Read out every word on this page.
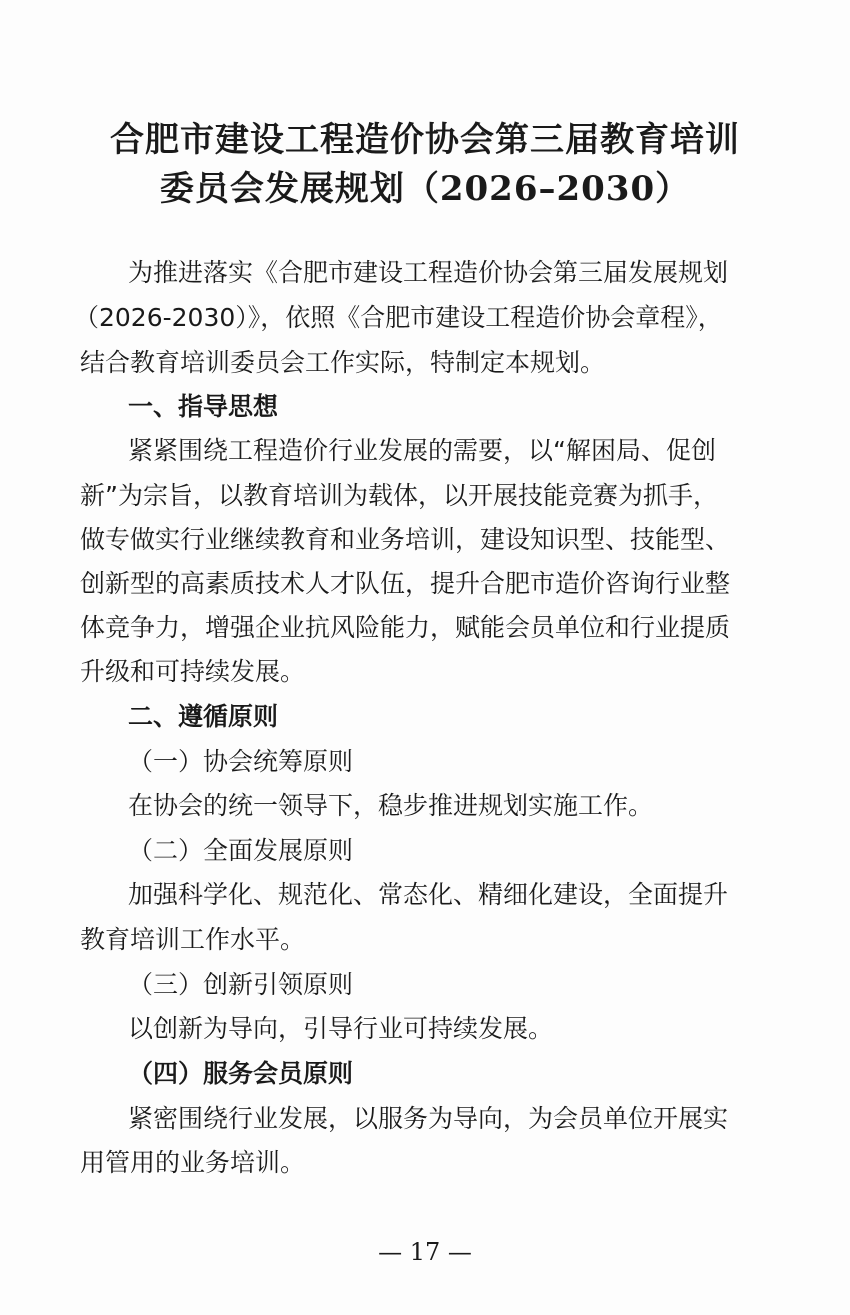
合肥市建设工程造价协会第三届教育培训
委员会发展规划（2026–2030）

为推进落实《合肥市建设工程造价协会第三届发展规划

（2026-2030）》，依照《合肥市建设工程造价协会章程》，

结合教育培训委员会工作实际，特制定本规划。

一、指导思想

紧紧围绕工程造价行业发展的需要，以“解困局、促创

新”为宗旨，以教育培训为载体，以开展技能竞赛为抓手，

做专做实行业继续教育和业务培训，建设知识型、技能型、

创新型的高素质技术人才队伍，提升合肥市造价咨询行业整

体竞争力，增强企业抗风险能力，赋能会员单位和行业提质

升级和可持续发展。

二、遵循原则

（一）协会统筹原则

在协会的统一领导下，稳步推进规划实施工作。

（二）全面发展原则

加强科学化、规范化、常态化、精细化建设，全面提升

教育培训工作水平。

（三）创新引领原则

以创新为导向，引导行业可持续发展。

（四）服务会员原则

紧密围绕行业发展，以服务为导向，为会员单位开展实

用管用的业务培训。

— 17 —
